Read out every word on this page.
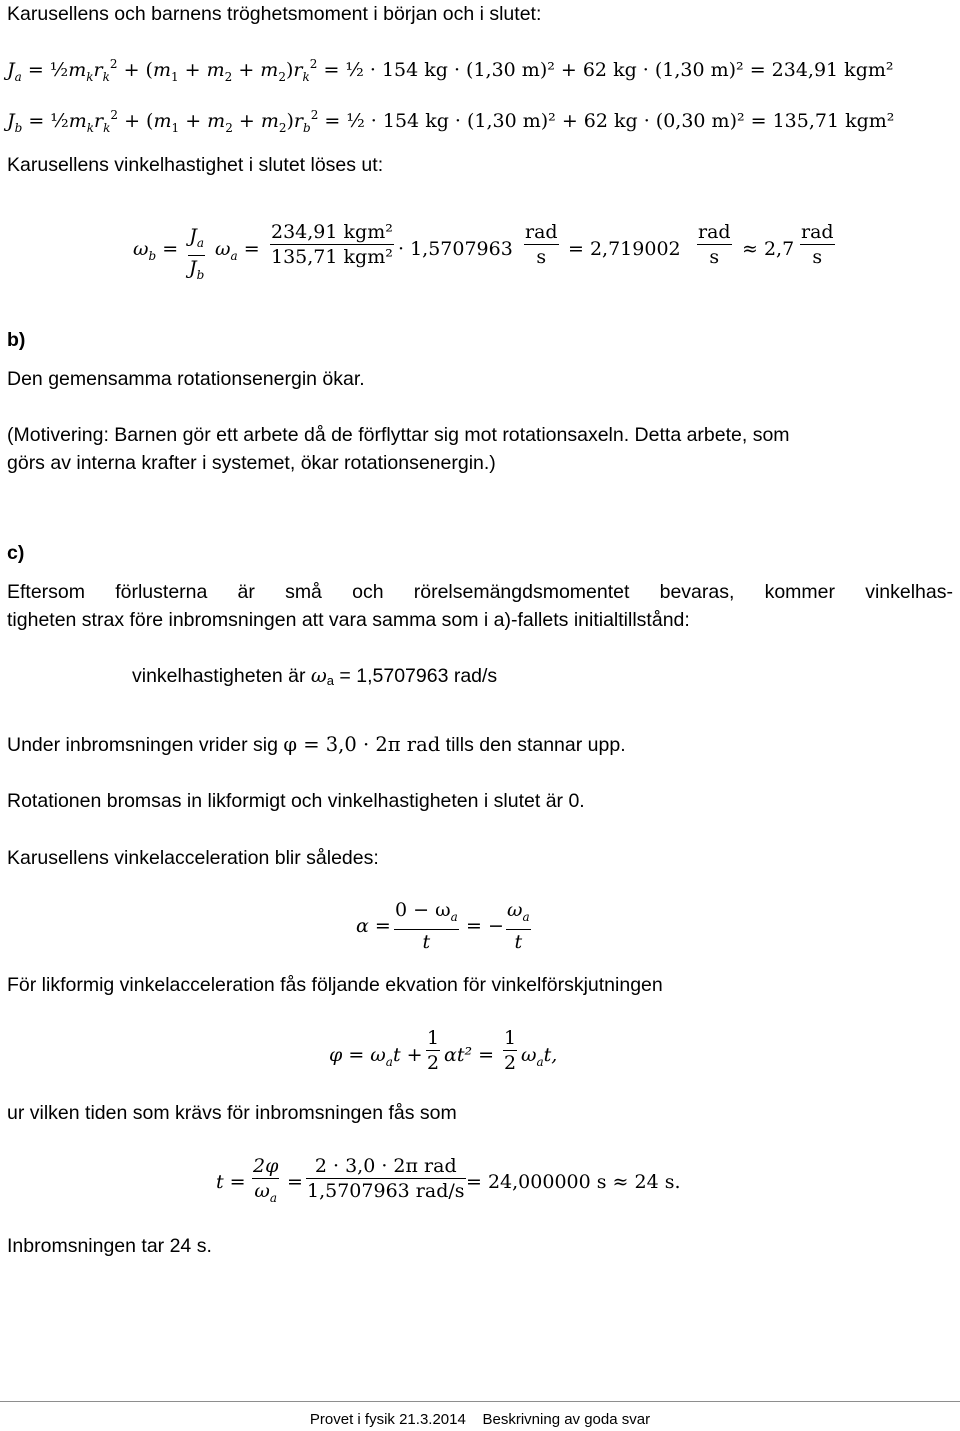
Karusellens och barnens tröghetsmoment i början och i slutet:
$J_a$ = $\frac{1}{2}m_kr_k^2 + (m_1 + m_2 + m_2)r_k^2$ = ½ · 154 kg · (1,30 m)² + 62 kg · (1,30 m)² = 234,91 kgm²
$J_b$ = $\frac{1}{2}m_kr_k^2 + (m_1 + m_2 + m_2)r_b^2$ = ½ · 154 kg · (1,30 m)² + 62 kg · (0,30 m)² = 135,71 kgm²
Karusellens vinkelhastighet i slutet löses ut:
$\omega_b = \frac{J_a}{J_b} \omega_a$ =
234,91 kgm²
135,71 kgm² · 1,5707963
rad
s	= 2,719002
rad
s	≈ 2,7
rad
s
b)
Den gemensamma rotationsenergin ökar.
(Motivering: Barnen gör ett arbete då de förflyttar sig mot rotationsaxeln. Detta arbete, som
görs av interna krafter i systemet, ökar rotationsenergin.)
c)
Eftersom förlusterna är små och rörelsemängdsmomentet bevaras, kommer vinkelhas-
tigheten strax före inbromsningen att vara samma som i a)-fallets initialtillstånd:
vinkelhastigheten är ωa = 1,5707963 rad/s
Under inbromsningen vrider sig φ = 3,0 · 2π rad tills den stannar upp.
Rotationen bromsas in likformigt och vinkelhastigheten i slutet är 0.
Karusellens vinkelacceleration blir således:
$\alpha = \frac{0 - \omega_a}{t}$ = − $\frac{\omega_a}{t}$
För likformig vinkelacceleration fås följande ekvation för vinkelförskjutningen
$\varphi = \omega_at + \frac{1}{2} \alpha t^2 = \frac{1}{2} \omega_at$,
ur vilken tiden som krävs för inbromsningen fås som
$t = \frac{2\varphi}{\omega_a}$ =
2 · 3,0 · 2π rad
1,5707963 rad/s = 24,000000 s ≈ 24 s.
Inbromsningen tar 24 s.
Provet i fysik 21.3.2014 Beskrivning av goda svar
